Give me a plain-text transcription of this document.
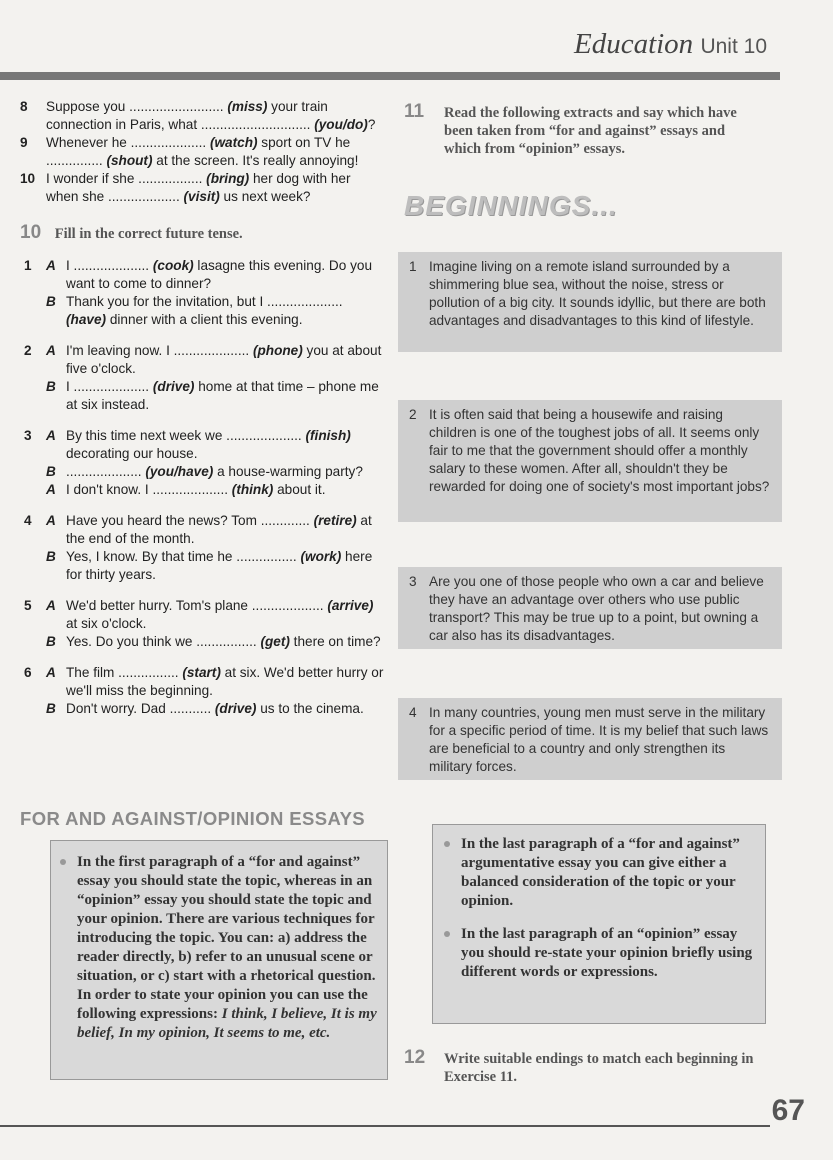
Education Unit 10
8 Suppose you ......................... (miss) your train connection in Paris, what ............................. (you/do)?
9 Whenever he .................... (watch) sport on TV he ............... (shout) at the screen. It's really annoying!
10 I wonder if she ................. (bring) her dog with her when she ................... (visit) us next week?
10 Fill in the correct future tense.
1 A I .................... (cook) lasagne this evening. Do you want to come to dinner?
B Thank you for the invitation, but I .................... (have) dinner with a client this evening.
2 A I'm leaving now. I .................... (phone) you at about five o'clock.
B I .................... (drive) home at that time – phone me at six instead.
3 A By this time next week we .................... (finish) decorating our house.
B .................... (you/have) a house-warming party?
A I don't know. I .................... (think) about it.
4 A Have you heard the news? Tom ............. (retire) at the end of the month.
B Yes, I know. By that time he ................ (work) here for thirty years.
5 A We'd better hurry. Tom's plane ................... (arrive) at six o'clock.
B Yes. Do you think we ................ (get) there on time?
6 A The film ................ (start) at six. We'd better hurry or we'll miss the beginning.
B Don't worry. Dad ........... (drive) us to the cinema.
FOR AND AGAINST/OPINION ESSAYS
In the first paragraph of a “for and against” essay you should state the topic, whereas in an “opinion” essay you should state the topic and your opinion. There are various techniques for introducing the topic. You can: a) address the reader directly, b) refer to an unusual scene or situation, or c) start with a rhetorical question. In order to state your opinion you can use the following expressions: I think, I believe, It is my belief, In my opinion, It seems to me, etc.
11 Read the following extracts and say which have been taken from “for and against” essays and which from “opinion” essays.
BEGINNINGS...
1 Imagine living on a remote island surrounded by a shimmering blue sea, without the noise, stress or pollution of a big city. It sounds idyllic, but there are both advantages and disadvantages to this kind of lifestyle.
2 It is often said that being a housewife and raising children is one of the toughest jobs of all. It seems only fair to me that the government should offer a monthly salary to these women. After all, shouldn't they be rewarded for doing one of society's most important jobs?
3 Are you one of those people who own a car and believe they have an advantage over others who use public transport? This may be true up to a point, but owning a car also has its disadvantages.
4 In many countries, young men must serve in the military for a specific period of time. It is my belief that such laws are beneficial to a country and only strengthen its military forces.
In the last paragraph of a “for and against” argumentative essay you can give either a balanced consideration of the topic or your opinion.
In the last paragraph of an “opinion” essay you should re-state your opinion briefly using different words or expressions.
12 Write suitable endings to match each beginning in Exercise 11.
67
